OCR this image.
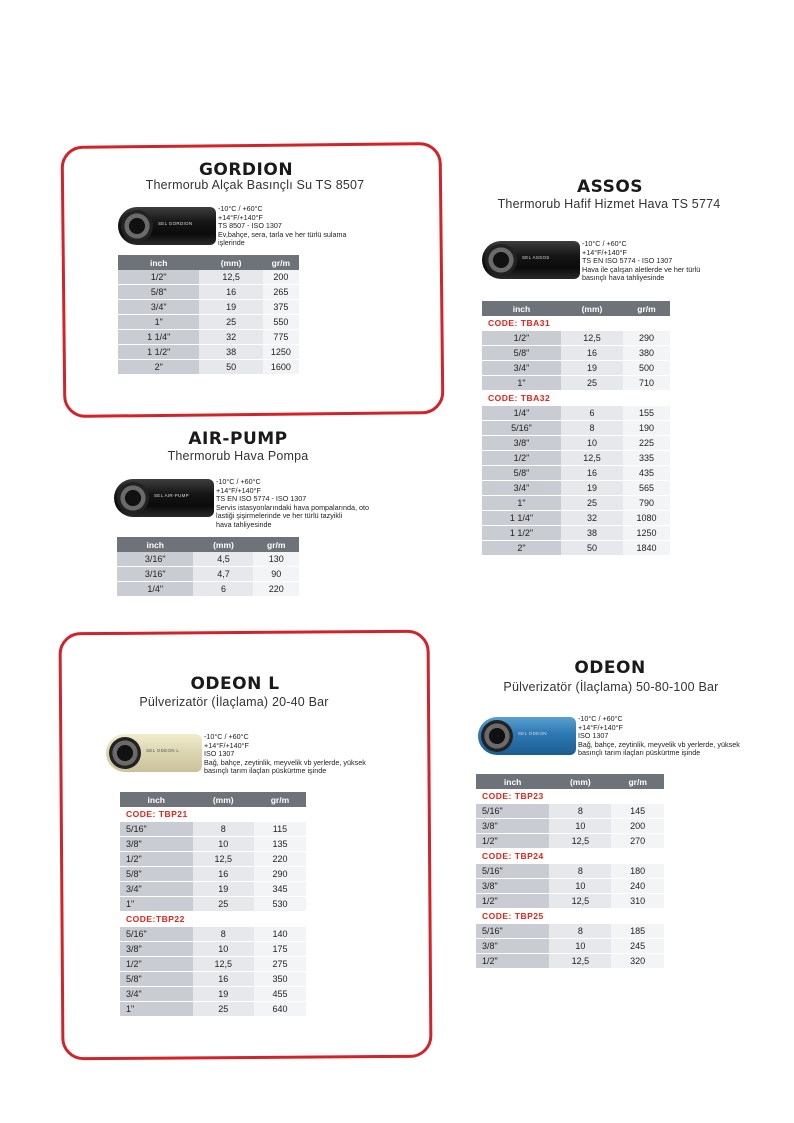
GORDION
Thermorub Alçak Basınçlı Su TS 8507
SEL GORDION
-10°C / +60°C
+14°F/+140°F
TS 8507 - ISO 1307
Ev,bahçe, sera, tarla ve her türlü sulama
işlerinde
inch	(mm)	gr/m
1/2"	12,5	200
5/8"	16	265
3/4"	19	375
1"	25	550
1 1/4"	32	775
1 1/2"	38	1250
2"	50	1600
ASSOS
Thermorub Hafif Hizmet Hava TS 5774
SEL ASSOS
-10°C / +60°C
+14°F/+140°F
TS EN ISO 5774 - ISO 1307
Hava ile çalışan aletlerde ve her türlü
basınçlı hava tahliyesinde
inch	(mm)	gr/m
CODE: TBA31		
1/2"	12,5	290
5/8"	16	380
3/4"	19	500
1"	25	710
CODE: TBA32		
1/4"	6	155
5/16"	8	190
3/8"	10	225
1/2"	12,5	335
5/8"	16	435
3/4"	19	565
1"	25	790
1 1/4"	32	1080
1 1/2"	38	1250
2"	50	1840
AIR-PUMP
Thermorub Hava Pompa
SEL AIR-PUMP
-10°C / +60°C
+14°F/+140°F
TS EN ISO 5774 - ISO 1307
Servis istasyonlarındaki hava pompalarında, oto
lastiği şişirmelerinde ve her türlü tazyikli
hava tahliyesinde
inch	(mm)	gr/m
3/16"	4,5	130
3/16"	4,7	90
1/4"	6	220
ODEON L
Pülverizatör (İlaçlama) 20-40 Bar
SEL ODEON L
-10°C / +60°C
+14°F/+140°F
ISO 1307
Bağ, bahçe, zeytinlik, meyvelik vb yerlerde, yüksek
basınçlı tarım ilaçları püskürtme işinde
inch	(mm)	gr/m
CODE: TBP21		
5/16"	8	115
3/8"	10	135
1/2"	12,5	220
5/8"	16	290
3/4"	19	345
1"	25	530
CODE:TBP22		
5/16"	8	140
3/8"	10	175
1/2"	12,5	275
5/8"	16	350
3/4"	19	455
1"	25	640
ODEON
Pülverizatör (İlaçlama) 50-80-100 Bar
SEL ODEON
-10°C / +60°C
+14°F/+140°F
ISO 1307
Bağ, bahçe, zeytinlik, meyvelik vb yerlerde, yüksek
basınçlı tarım ilaçları püskürtme işinde
inch	(mm)	gr/m
CODE: TBP23		
5/16"	8	145
3/8"	10	200
1/2"	12,5	270
CODE: TBP24		
5/16"	8	180
3/8"	10	240
1/2"	12,5	310
CODE: TBP25		
5/16"	8	185
3/8"	10	245
1/2"	12,5	320
